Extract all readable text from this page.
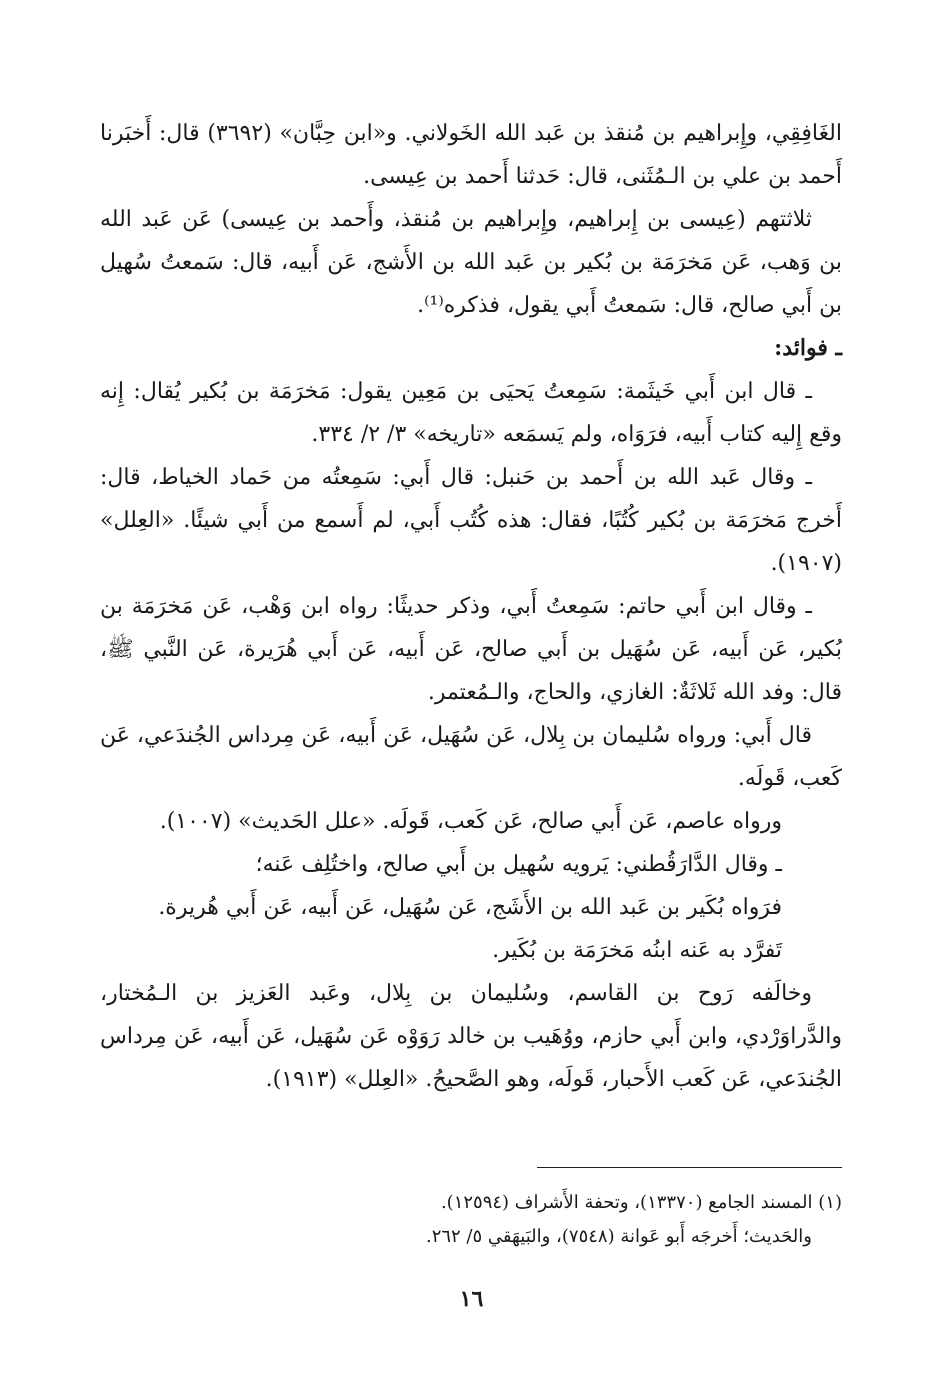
الغَافِقِي، وإِبراهيم بن مُنقذ بن عَبد الله الخَولاني. و«ابن حِبَّان» (٣٦٩٢) قال: أَخبَرنا أَحمد بن علي بن الـمُثَنى، قال: حَدثنا أَحمد بن عِيسى.

ثلاثتهم (عِيسى بن إِبراهيم، وإِبراهيم بن مُنقذ، وأَحمد بن عِيسى) عَن عَبد الله بن وَهب، عَن مَخرَمَة بن بُكير بن عَبد الله بن الأَشج، عَن أَبيه، قال: سَمعتُ سُهيل بن أَبي صالح، قال: سَمعتُ أَبي يقول، فذكره⁽¹⁾.

ـ فوائد:

ـ قال ابن أَبي خَيثَمة: سَمِعتُ يَحيَى بن مَعِين يقول: مَخرَمَة بن بُكير يُقال: إِنه وقع إِليه كتاب أَبيه، فرَوَاه، ولم يَسمَعه «تاريخه» ٣/ ٢/ ٣٣٤.

ـ وقال عَبد الله بن أَحمد بن حَنبل: قال أَبي: سَمِعتُه من حَماد الخياط، قال: أَخرج مَخرَمَة بن بُكير كُتُبًا، فقال: هذه كُتُب أَبي، لم أَسمع من أَبي شيئًا. «العِلل» (١٩٠٧).

ـ وقال ابن أَبي حاتم: سَمِعتُ أَبي، وذكر حديثًا: رواه ابن وَهْب، عَن مَخرَمَة بن بُكير، عَن أَبيه، عَن سُهَيل بن أَبي صالح، عَن أَبيه، عَن أَبي هُرَيرة، عَن النَّبي ﷺ، قال: وفد الله ثَلاثَةٌ: الغازي، والحاج، والـمُعتمر.

قال أَبي: ورواه سُليمان بن بِلال، عَن سُهَيل، عَن أَبيه، عَن مِرداس الجُندَعي، عَن كَعب، قَولَه.

ورواه عاصم، عَن أَبي صالح، عَن كَعب، قَولَه. «علل الحَديث» (١٠٠٧).

ـ وقال الدَّارَقُطني: يَرويه سُهيل بن أَبي صالح، واختُلِف عَنه؛

فرَواه بُكَير بن عَبد الله بن الأَشَج، عَن سُهَيل، عَن أَبيه، عَن أَبي هُريرة.

تَفرَّد به عَنه ابنُه مَخرَمَة بن بُكَير.

وخالَفه رَوح بن القاسم، وسُليمان بن بِلال، وعَبد العَزيز بن الـمُختار، والدَّراوَرْدي، وابن أَبي حازم، ووُهَيب بن خالد رَوَوْه عَن سُهَيل، عَن أَبيه، عَن مِرداس الجُندَعي، عَن كَعب الأَحبار، قَولَه، وهو الصَّحيحُ. «العِلل» (١٩١٣).

(١) المسند الجامع (١٣٣٧٠)، وتحفة الأَشراف (١٢٥٩٤).

والحَديث؛ أَخرجَه أَبو عَوانة (٧٥٤٨)، والبَيهَقي ٥/ ٢٦٢.

١٦
